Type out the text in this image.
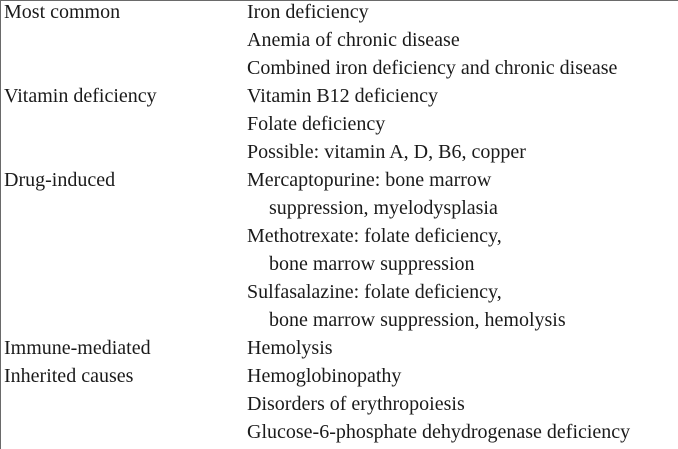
Most common	Iron deficiency
Anemia of chronic disease
Combined iron deficiency and chronic disease
Vitamin deficiency	Vitamin B12 deficiency
Folate deficiency
Possible: vitamin A, D, B6, copper
Drug-induced	Mercaptopurine: bone marrow
suppression, myelodysplasia
Methotrexate: folate deficiency,
bone marrow suppression
Sulfasalazine: folate deficiency,
bone marrow suppression, hemolysis
Immune-mediated	Hemolysis
Inherited causes	Hemoglobinopathy
Disorders of erythropoiesis
Glucose-6-phosphate dehydrogenase deficiency
